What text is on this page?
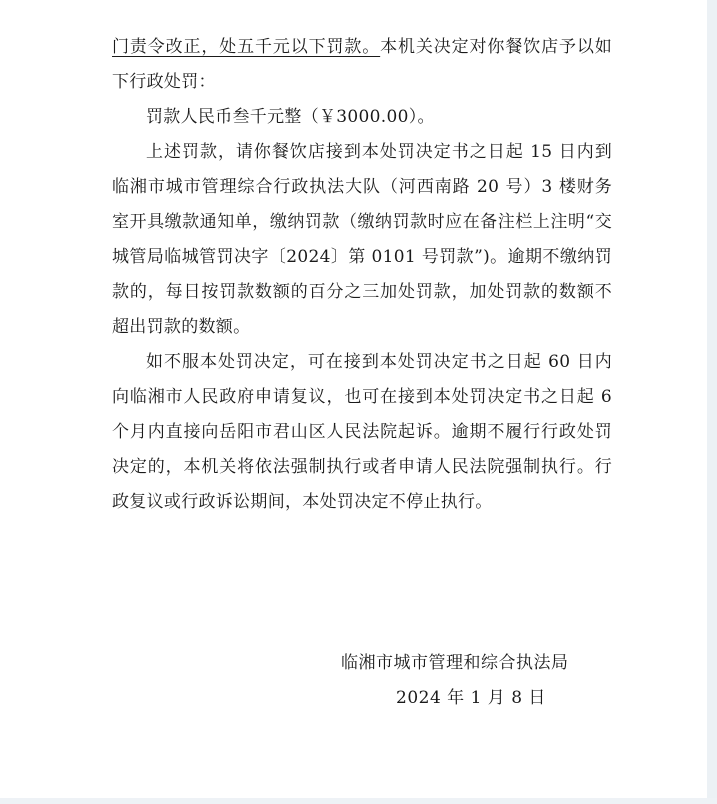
门责令改正，处五千元以下罚款。本机关决定对你餐饮店予以如下行政处罚：

罚款人民币叁千元整（￥3000.00）。

上述罚款，请你餐饮店接到本处罚决定书之日起 15 日内到临湘市城市管理综合行政执法大队（河西南路 20 号）3 楼财务室开具缴款通知单，缴纳罚款（缴纳罚款时应在备注栏上注明“交城管局临城管罚决字〔2024〕第 0101 号罚款”)。逾期不缴纳罚款的，每日按罚款数额的百分之三加处罚款，加处罚款的数额不超出罚款的数额。

如不服本处罚决定，可在接到本处罚决定书之日起 60 日内向临湘市人民政府申请复议，也可在接到本处罚决定书之日起 6 个月内直接向岳阳市君山区人民法院起诉。逾期不履行行政处罚决定的，本机关将依法强制执行或者申请人民法院强制执行。行政复议或行政诉讼期间，本处罚决定不停止执行。

临湘市城市管理和综合执法局
2024 年 1 月 8 日
